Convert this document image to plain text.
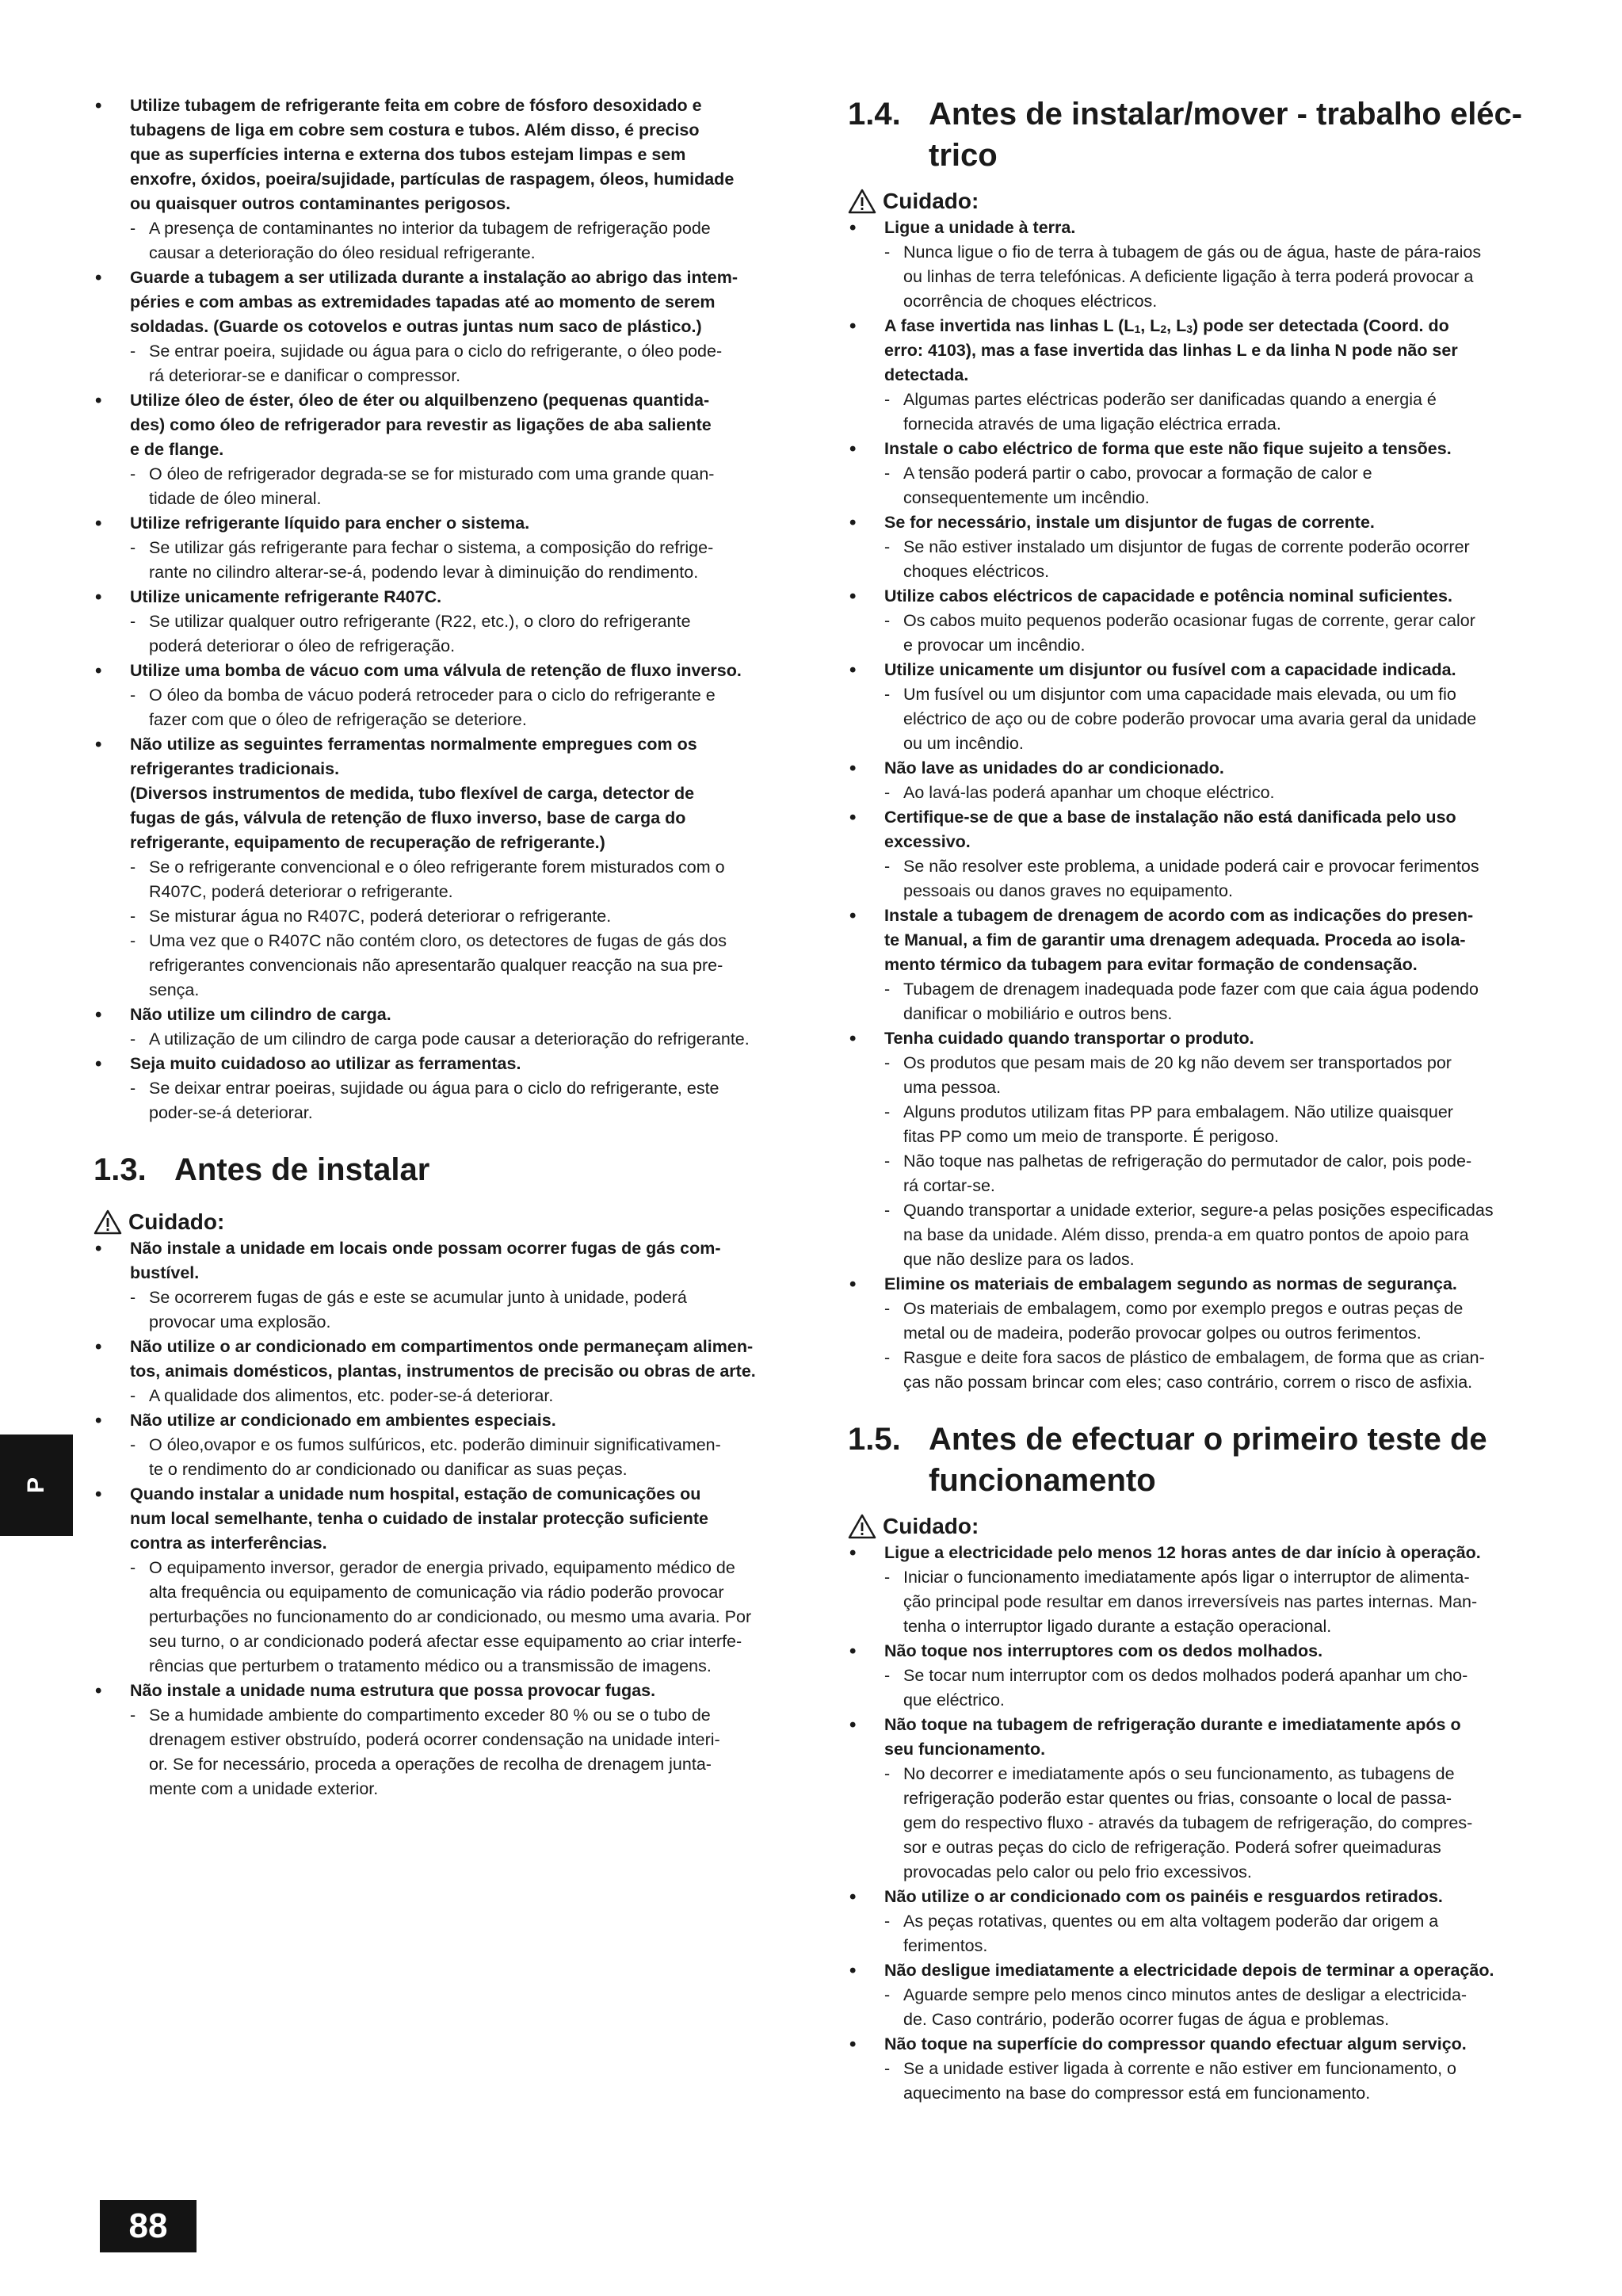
P
88
• Utilize tubagem de refrigerante feita em cobre de fósforo desoxidado e
tubagens de liga em cobre sem costura e tubos. Além disso, é preciso
que as superfícies interna e externa dos tubos estejam limpas e sem
enxofre, óxidos, poeira/sujidade, partículas de raspagem, óleos, humidade
ou quaisquer outros contaminantes perigosos.
- A presença de contaminantes no interior da tubagem de refrigeração pode
causar a deterioração do óleo residual refrigerante.
• Guarde a tubagem a ser utilizada durante a instalação ao abrigo das intem-
péries e com ambas as extremidades tapadas até ao momento de serem
soldadas. (Guarde os cotovelos e outras juntas num saco de plástico.)
- Se entrar poeira, sujidade ou água para o ciclo do refrigerante, o óleo pode-
rá deteriorar-se e danificar o compressor.
• Utilize óleo de éster, óleo de éter ou alquilbenzeno (pequenas quantida-
des) como óleo de refrigerador para revestir as ligações de aba saliente
e de flange.
- O óleo de refrigerador degrada-se se for misturado com uma grande quan-
tidade de óleo mineral.
• Utilize refrigerante líquido para encher o sistema.
- Se utilizar gás refrigerante para fechar o sistema, a composição do refrige-
rante no cilindro alterar-se-á, podendo levar à diminuição do rendimento.
• Utilize unicamente refrigerante R407C.
- Se utilizar qualquer outro refrigerante (R22, etc.), o cloro do refrigerante
poderá deteriorar o óleo de refrigeração.
• Utilize uma bomba de vácuo com uma válvula de retenção de fluxo inverso.
- O óleo da bomba de vácuo poderá retroceder para o ciclo do refrigerante e
fazer com que o óleo de refrigeração se deteriore.
• Não utilize as seguintes ferramentas normalmente empregues com os
refrigerantes tradicionais.
(Diversos instrumentos de medida, tubo flexível de carga, detector de
fugas de gás, válvula de retenção de fluxo inverso, base de carga do
refrigerante, equipamento de recuperação de refrigerante.)
- Se o refrigerante convencional e o óleo refrigerante forem misturados com o
R407C, poderá deteriorar o refrigerante.
- Se misturar água no R407C, poderá deteriorar o refrigerante.
- Uma vez que o R407C não contém cloro, os detectores de fugas de gás dos
refrigerantes convencionais não apresentarão qualquer reacção na sua pre-
sença.
• Não utilize um cilindro de carga.
- A utilização de um cilindro de carga pode causar a deterioração do refrigerante.
• Seja muito cuidadoso ao utilizar as ferramentas.
- Se deixar entrar poeiras, sujidade ou água para o ciclo do refrigerante, este
poder-se-á deteriorar.
1.3. Antes de instalar
Cuidado:
• Não instale a unidade em locais onde possam ocorrer fugas de gás com-
bustível.
- Se ocorrerem fugas de gás e este se acumular junto à unidade, poderá
provocar uma explosão.
• Não utilize o ar condicionado em compartimentos onde permaneçam alimen-
tos, animais domésticos, plantas, instrumentos de precisão ou obras de arte.
- A qualidade dos alimentos, etc. poder-se-á deteriorar.
• Não utilize ar condicionado em ambientes especiais.
- O óleo,ovapor e os fumos sulfúricos, etc. poderão diminuir significativamen-
te o rendimento do ar condicionado ou danificar as suas peças.
• Quando instalar a unidade num hospital, estação de comunicações ou
num local semelhante, tenha o cuidado de instalar protecção suficiente
contra as interferências.
- O equipamento inversor, gerador de energia privado, equipamento médico de
alta frequência ou equipamento de comunicação via rádio poderão provocar
perturbações no funcionamento do ar condicionado, ou mesmo uma avaria. Por
seu turno, o ar condicionado poderá afectar esse equipamento ao criar interfe-
rências que perturbem o tratamento médico ou a transmissão de imagens.
• Não instale a unidade numa estrutura que possa provocar fugas.
- Se a humidade ambiente do compartimento exceder 80 % ou se o tubo de
drenagem estiver obstruído, poderá ocorrer condensação na unidade interi-
or. Se for necessário, proceda a operações de recolha de drenagem junta-
mente com a unidade exterior.
1.4. Antes de instalar/mover - trabalho eléc-
trico
Cuidado:
• Ligue a unidade à terra.
- Nunca ligue o fio de terra à tubagem de gás ou de água, haste de pára-raios
ou linhas de terra telefónicas. A deficiente ligação à terra poderá provocar a
ocorrência de choques eléctricos.
• A fase invertida nas linhas L ($L_1$, $L_2$, $L_3$) pode ser detectada (Coord. do
erro: 4103), mas a fase invertida das linhas L e da linha N pode não ser
detectada.
- Algumas partes eléctricas poderão ser danificadas quando a energia é
fornecida através de uma ligação eléctrica errada.
• Instale o cabo eléctrico de forma que este não fique sujeito a tensões.
- A tensão poderá partir o cabo, provocar a formação de calor e
consequentemente um incêndio.
• Se for necessário, instale um disjuntor de fugas de corrente.
- Se não estiver instalado um disjuntor de fugas de corrente poderão ocorrer
choques eléctricos.
• Utilize cabos eléctricos de capacidade e potência nominal suficientes.
- Os cabos muito pequenos poderão ocasionar fugas de corrente, gerar calor
e provocar um incêndio.
• Utilize unicamente um disjuntor ou fusível com a capacidade indicada.
- Um fusível ou um disjuntor com uma capacidade mais elevada, ou um fio
eléctrico de aço ou de cobre poderão provocar uma avaria geral da unidade
ou um incêndio.
• Não lave as unidades do ar condicionado.
- Ao lavá-las poderá apanhar um choque eléctrico.
• Certifique-se de que a base de instalação não está danificada pelo uso
excessivo.
- Se não resolver este problema, a unidade poderá cair e provocar ferimentos
pessoais ou danos graves no equipamento.
• Instale a tubagem de drenagem de acordo com as indicações do presen-
te Manual, a fim de garantir uma drenagem adequada. Proceda ao isola-
mento térmico da tubagem para evitar formação de condensação.
- Tubagem de drenagem inadequada pode fazer com que caia água podendo
danificar o mobiliário e outros bens.
• Tenha cuidado quando transportar o produto.
- Os produtos que pesam mais de 20 kg não devem ser transportados por
uma pessoa.
- Alguns produtos utilizam fitas PP para embalagem. Não utilize quaisquer
fitas PP como um meio de transporte. É perigoso.
- Não toque nas palhetas de refrigeração do permutador de calor, pois pode-
rá cortar-se.
- Quando transportar a unidade exterior, segure-a pelas posições especificadas
na base da unidade. Além disso, prenda-a em quatro pontos de apoio para
que não deslize para os lados.
• Elimine os materiais de embalagem segundo as normas de segurança.
- Os materiais de embalagem, como por exemplo pregos e outras peças de
metal ou de madeira, poderão provocar golpes ou outros ferimentos.
- Rasgue e deite fora sacos de plástico de embalagem, de forma que as crian-
ças não possam brincar com eles; caso contrário, correm o risco de asfixia.
1.5. Antes de efectuar o primeiro teste de
funcionamento
Cuidado:
• Ligue a electricidade pelo menos 12 horas antes de dar início à operação.
- Iniciar o funcionamento imediatamente após ligar o interruptor de alimenta-
ção principal pode resultar em danos irreversíveis nas partes internas. Man-
tenha o interruptor ligado durante a estação operacional.
• Não toque nos interruptores com os dedos molhados.
- Se tocar num interruptor com os dedos molhados poderá apanhar um cho-
que eléctrico.
• Não toque na tubagem de refrigeração durante e imediatamente após o
seu funcionamento.
- No decorrer e imediatamente após o seu funcionamento, as tubagens de
refrigeração poderão estar quentes ou frias, consoante o local de passa-
gem do respectivo fluxo - através da tubagem de refrigeração, do compres-
sor e outras peças do ciclo de refrigeração. Poderá sofrer queimaduras
provocadas pelo calor ou pelo frio excessivos.
• Não utilize o ar condicionado com os painéis e resguardos retirados.
- As peças rotativas, quentes ou em alta voltagem poderão dar origem a
ferimentos.
• Não desligue imediatamente a electricidade depois de terminar a operação.
- Aguarde sempre pelo menos cinco minutos antes de desligar a electricida-
de. Caso contrário, poderão ocorrer fugas de água e problemas.
• Não toque na superfície do compressor quando efectuar algum serviço.
- Se a unidade estiver ligada à corrente e não estiver em funcionamento, o
aquecimento na base do compressor está em funcionamento.
